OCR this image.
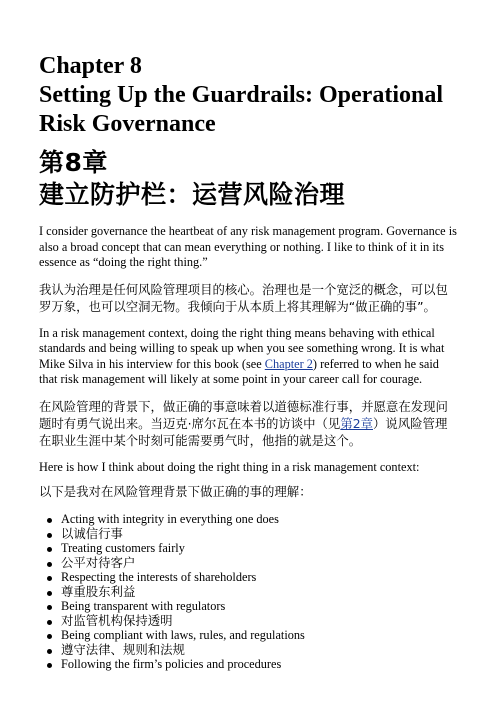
Chapter 8
Setting Up the Guardrails: Operational
Risk Governance
第8章
建立防护栏：运营风险治理

I consider governance the heartbeat of any risk management program. Governance is also a broad concept that can mean everything or nothing. I like to think of it in its essence as “doing the right thing.”

我认为治理是任何风险管理项目的核心。治理也是一个宽泛的概念，可以包罗万象，也可以空洞无物。我倾向于从本质上将其理解为“做正确的事”。

In a risk management context, doing the right thing means behaving with ethical standards and being willing to speak up when you see something wrong. It is what Mike Silva in his interview for this book (see Chapter 2) referred to when he said that risk management will likely at some point in your career call for courage.

在风险管理的背景下，做正确的事意味着以道德标准行事，并愿意在发现问题时有勇气说出来。当迈克·席尔瓦在本书的访谈中（见第2章）说风险管理在职业生涯中某个时刻可能需要勇气时，他指的就是这个。

Here is how I think about doing the right thing in a risk management context:

以下是我对在风险管理背景下做正确的事的理解：

Acting with integrity in everything one does
以诚信行事
Treating customers fairly
公平对待客户
Respecting the interests of shareholders
尊重股东利益
Being transparent with regulators
对监管机构保持透明
Being compliant with laws, rules, and regulations
遵守法律、规则和法规
Following the firm’s policies and procedures
